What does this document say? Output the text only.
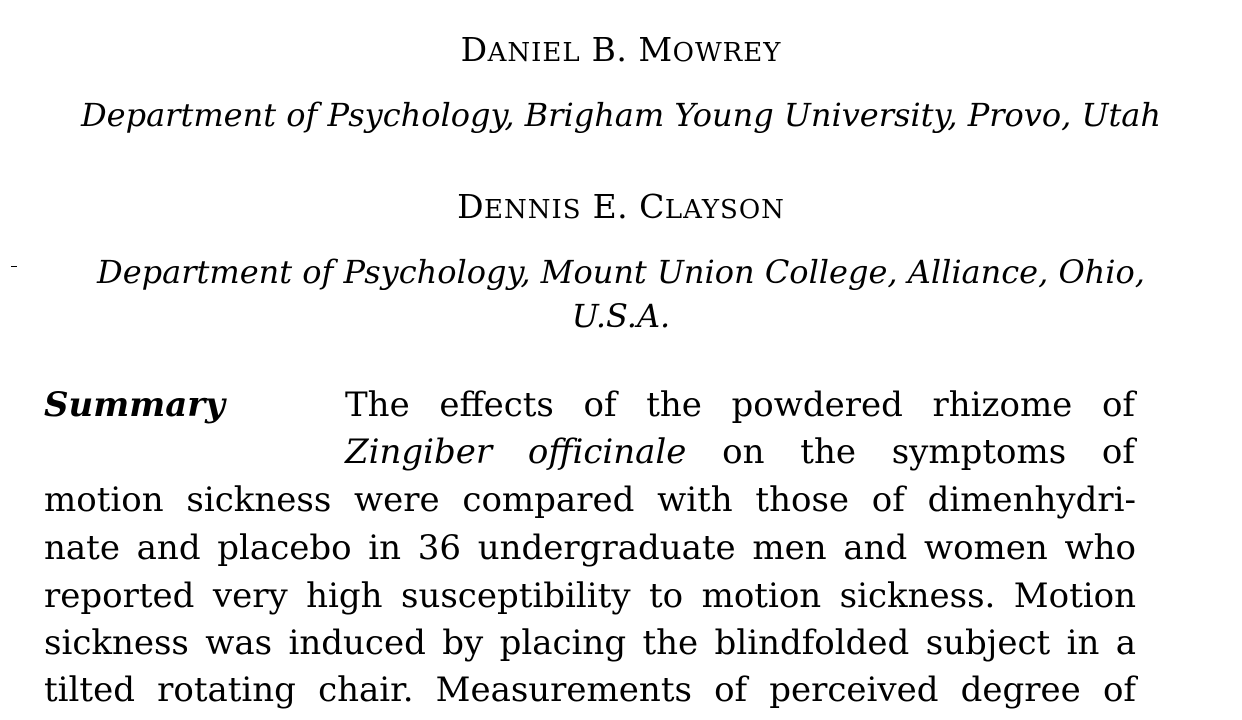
DANIEL B. MOWREY
Department of Psychology, Brigham Young University, Provo, Utah
DENNIS E. CLAYSON
Department of Psychology, Mount Union College, Alliance, Ohio,
U.S.A.
Summary	The effects of the powdered rhizome of
Zingiber officinale on the symptoms of
motion sickness were compared with those of dimenhydri-
nate and placebo in 36 undergraduate men and women who
reported very high susceptibility to motion sickness. Motion
sickness was induced by placing the blindfolded subject in a
tilted rotating chair. Measurements of perceived degree of
